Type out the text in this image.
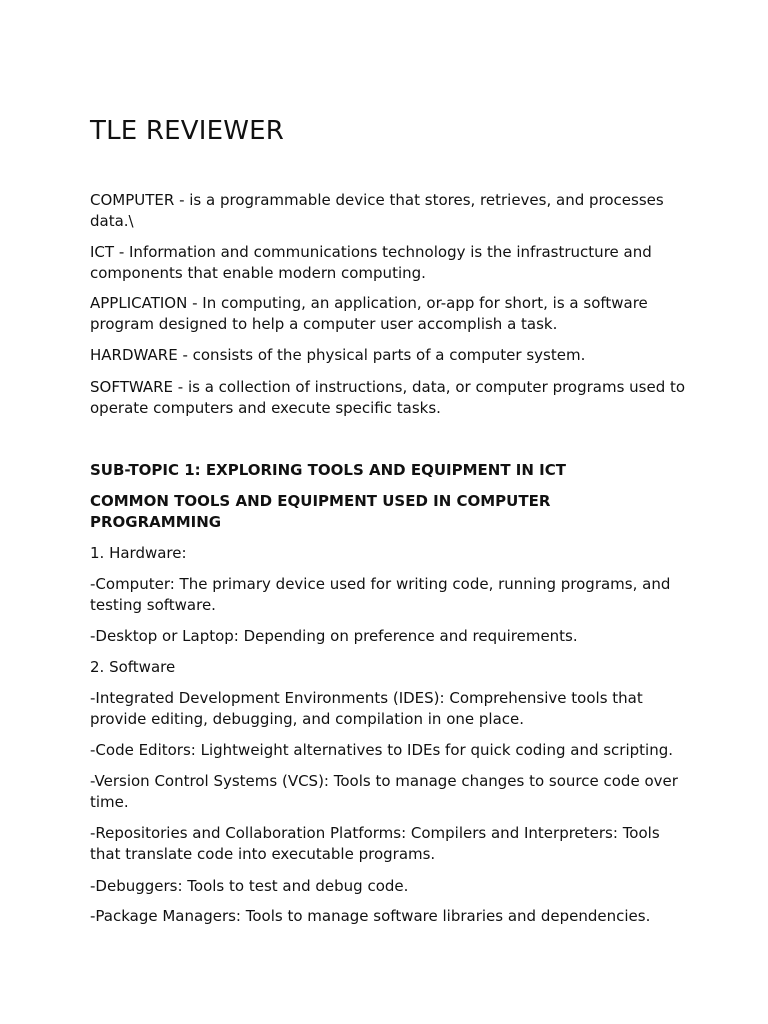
TLE REVIEWER

COMPUTER - is a programmable device that stores, retrieves, and processes data.\

ICT - Information and communications technology is the infrastructure and components that enable modern computing.

APPLICATION - In computing, an application, or-app for short, is a software program designed to help a computer user accomplish a task.

HARDWARE - consists of the physical parts of a computer system.

SOFTWARE - is a collection of instructions, data, or computer programs used to operate computers and execute specific tasks.

SUB-TOPIC 1: EXPLORING TOOLS AND EQUIPMENT IN ICT

COMMON TOOLS AND EQUIPMENT USED IN COMPUTER PROGRAMMING

1. Hardware:

-Computer: The primary device used for writing code, running programs, and testing software.

-Desktop or Laptop: Depending on preference and requirements.

2. Software

-Integrated Development Environments (IDES): Comprehensive tools that provide editing, debugging, and compilation in one place.

-Code Editors: Lightweight alternatives to IDEs for quick coding and scripting.

-Version Control Systems (VCS): Tools to manage changes to source code over time.

-Repositories and Collaboration Platforms: Compilers and Interpreters: Tools that translate code into executable programs.

-Debuggers: Tools to test and debug code.

-Package Managers: Tools to manage software libraries and dependencies.
